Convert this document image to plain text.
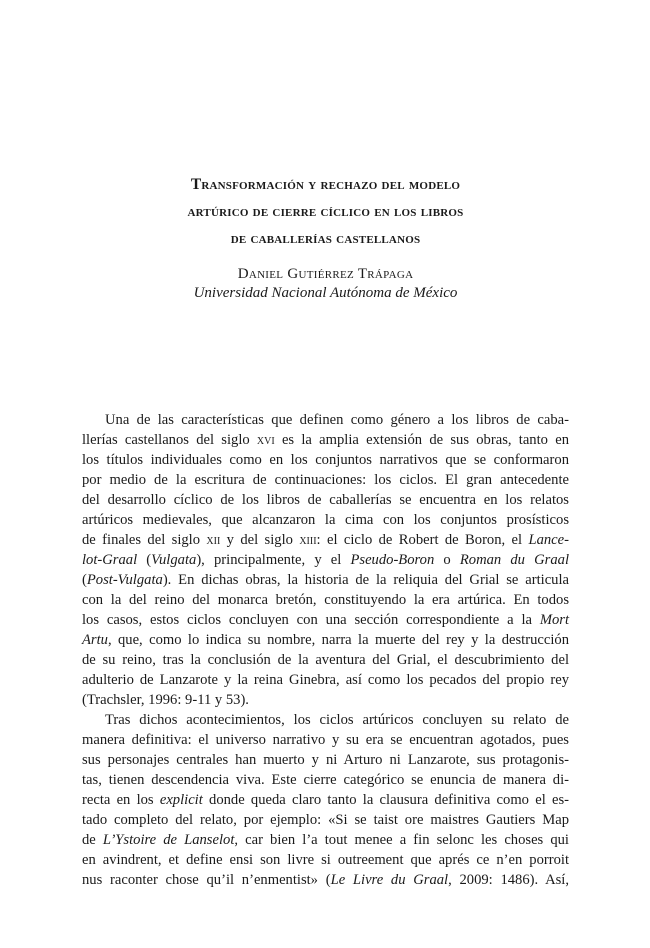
Transformación y rechazo del modelo
artúrico de cierre cíclico en los libros
de caballerías castellanos
Daniel Gutiérrez Trápaga
Universidad Nacional Autónoma de México
Una de las características que definen como género a los libros de caba-
llerías castellanos del siglo xvi es la amplia extensión de sus obras, tanto en
los títulos individuales como en los conjuntos narrativos que se conformaron
por medio de la escritura de continuaciones: los ciclos. El gran antecedente
del desarrollo cíclico de los libros de caballerías se encuentra en los relatos
artúricos medievales, que alcanzaron la cima con los conjuntos prosísticos
de finales del siglo xii y del siglo xiii: el ciclo de Robert de Boron, el Lance-
lot-Graal (Vulgata), principalmente, y el Pseudo-Boron o Roman du Graal
(Post-Vulgata). En dichas obras, la historia de la reliquia del Grial se articula
con la del reino del monarca bretón, constituyendo la era artúrica. En todos
los casos, estos ciclos concluyen con una sección correspondiente a la Mort
Artu, que, como lo indica su nombre, narra la muerte del rey y la destrucción
de su reino, tras la conclusión de la aventura del Grial, el descubrimiento del
adulterio de Lanzarote y la reina Ginebra, así como los pecados del propio rey
(Trachsler, 1996: 9-11 y 53).
Tras dichos acontecimientos, los ciclos artúricos concluyen su relato de
manera definitiva: el universo narrativo y su era se encuentran agotados, pues
sus personajes centrales han muerto y ni Arturo ni Lanzarote, sus protagonis-
tas, tienen descendencia viva. Este cierre categórico se enuncia de manera di-
recta en los explicit donde queda claro tanto la clausura definitiva como el es-
tado completo del relato, por ejemplo: «Si se taist ore maistres Gautiers Map
de L’Ystoire de Lanselot, car bien l’a tout menee a fin selonc les choses qui
en avindrent, et define ensi son livre si outreement que aprés ce n’en porroit
nus raconter chose qu’il n’enmentist» (Le Livre du Graal, 2009: 1486). Así,
